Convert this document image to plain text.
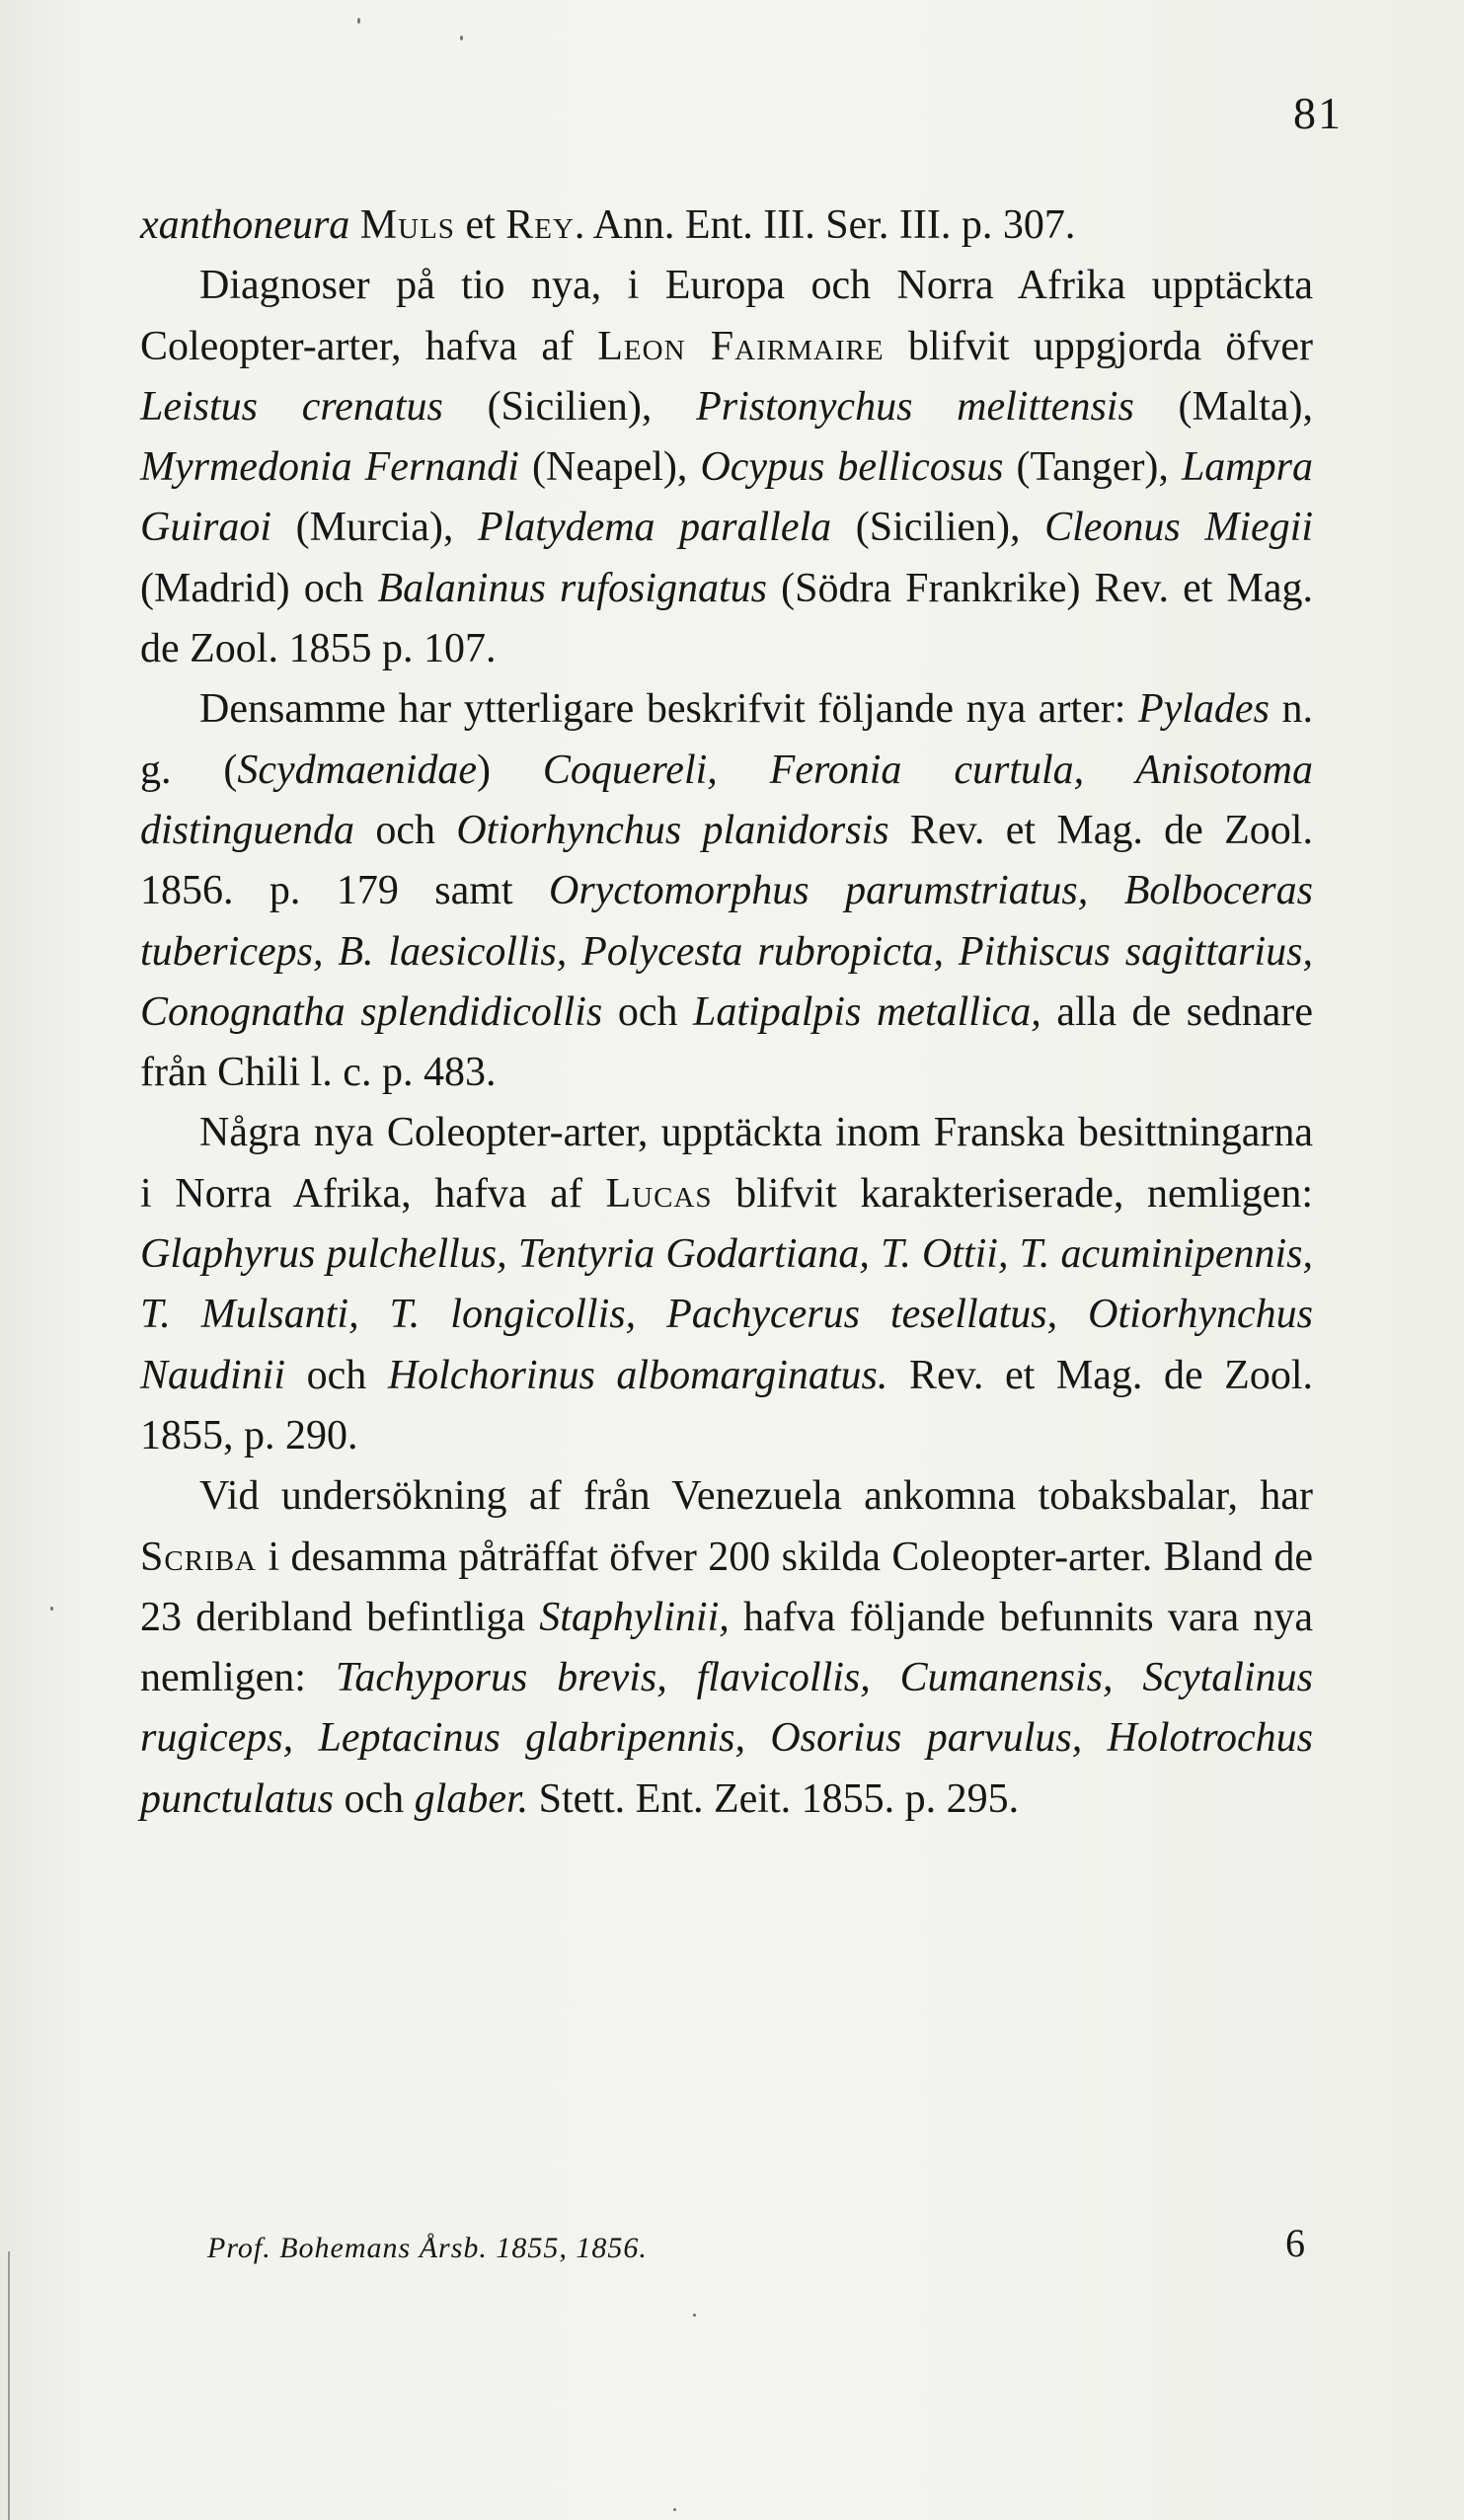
81

xanthoneura Muls et Rey. Ann. Ent. III. Ser. III. p. 307.

Diagnoser på tio nya, i Europa och Norra Afrika upptäckta Coleopter-arter, hafva af Leon Fairmaire blifvit uppgjorda öfver Leistus crenatus (Sicilien), Pristonychus melittensis (Malta), Myrmedonia Fernandi (Neapel), Ocypus bellicosus (Tanger), Lampra Guiraoi (Murcia), Platydema parallela (Sicilien), Cleonus Miegii (Madrid) och Balaninus rufosignatus (Södra Frankrike) Rev. et Mag. de Zool. 1855 p. 107.

Densamme har ytterligare beskrifvit följande nya arter: Pylades n. g. (Scydmaenidae) Coquereli, Feronia curtula, Anisotoma distinguenda och Otiorhynchus planidorsis Rev. et Mag. de Zool. 1856. p. 179 samt Oryctomorphus parumstriatus, Bolboceras tubericeps, B. laesicollis, Polycesta rubropicta, Pithiscus sagittarius, Conognatha splendidicollis och Latipalpis metallica, alla de sednare från Chili l. c. p. 483.

Några nya Coleopter-arter, upptäckta inom Franska besittningarna i Norra Afrika, hafva af Lucas blifvit karakteriserade, nemligen: Glaphyrus pulchellus, Tentyria Godartiana, T. Ottii, T. acuminipennis, T. Mulsanti, T. longicollis, Pachycerus tesellatus, Otiorhynchus Naudinii och Holchorinus albomarginatus. Rev. et Mag. de Zool. 1855, p. 290.

Vid undersökning af från Venezuela ankomna tobaksbalar, har Scriba i desamma påträffat öfver 200 skilda Coleopter-arter. Bland de 23 deribland befintliga Staphylinii, hafva följande befunnits vara nya nemligen: Tachyporus brevis, flavicollis, Cumanensis, Scytalinus rugiceps, Leptacinus glabripennis, Osorius parvulus, Holotrochus punctulatus och glaber. Stett. Ent. Zeit. 1855. p. 295.

Prof. Bohemans Årsb. 1855, 1856.	6
